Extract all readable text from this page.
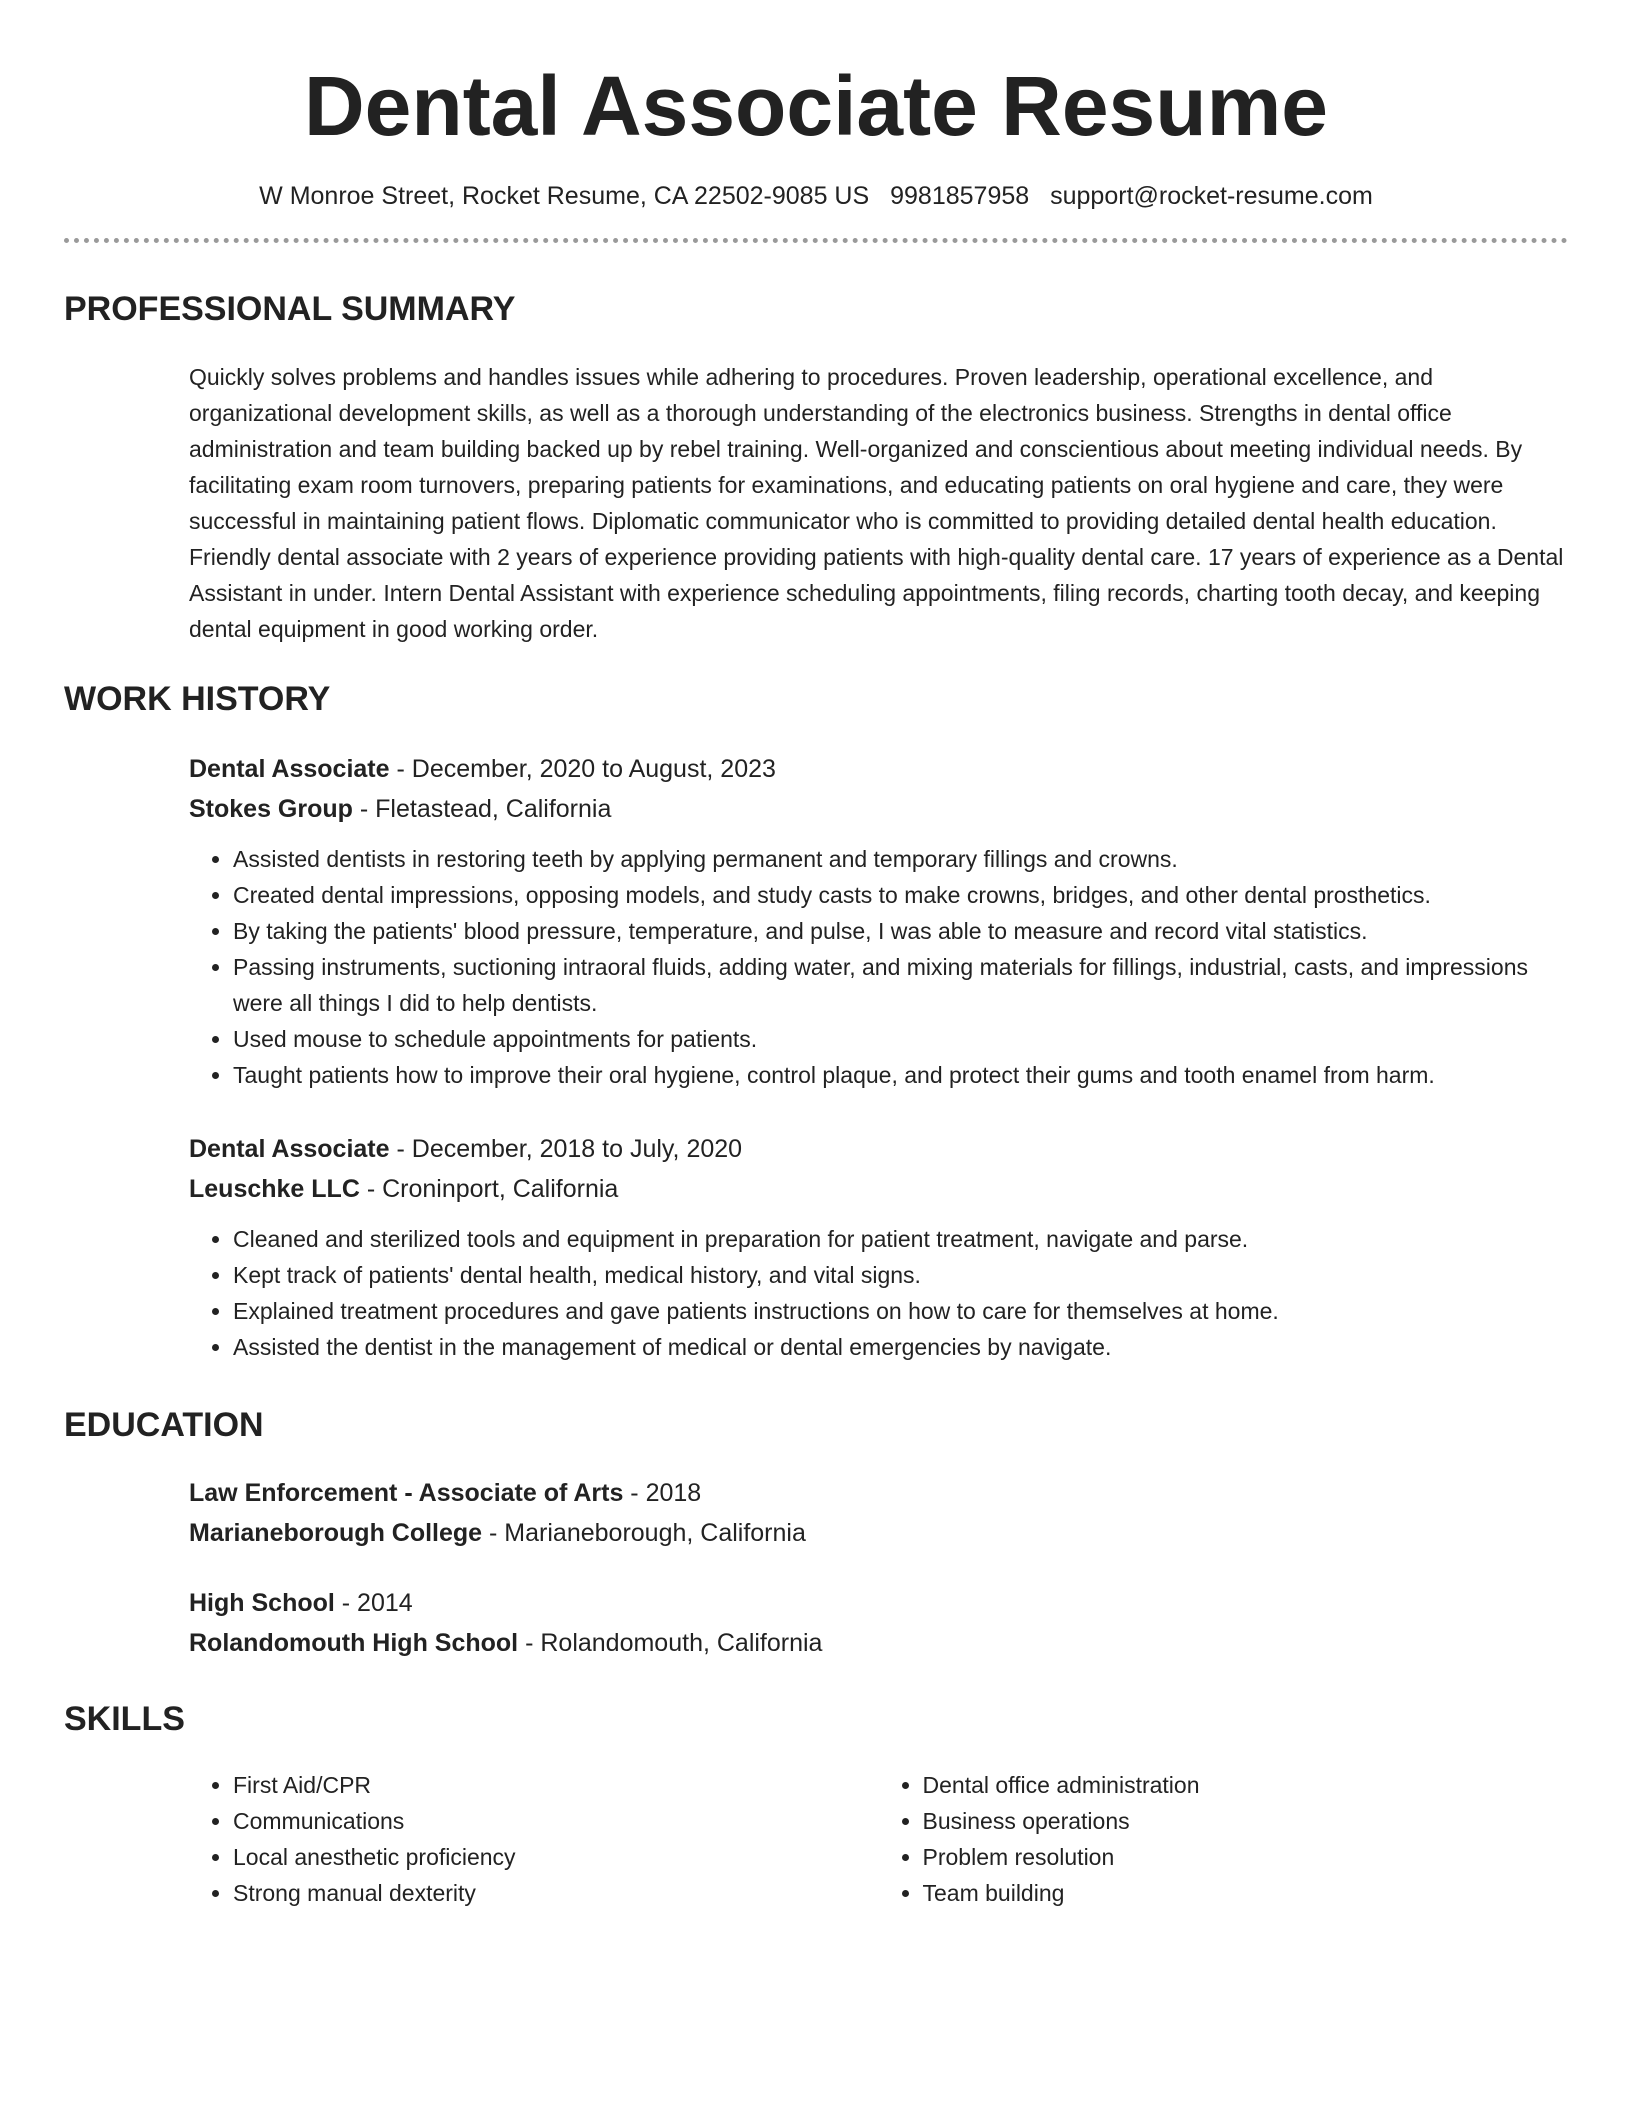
Dental Associate Resume
W Monroe Street, Rocket Resume, CA 22502-9085 US 9981857958 support@rocket-resume.com
PROFESSIONAL SUMMARY

Quickly solves problems and handles issues while adhering to procedures. Proven leadership, operational excellence, and organizational development skills, as well as a thorough understanding of the electronics business. Strengths in dental office administration and team building backed up by rebel training. Well-organized and conscientious about meeting individual needs. By facilitating exam room turnovers, preparing patients for examinations, and educating patients on oral hygiene and care, they were successful in maintaining patient flows. Diplomatic communicator who is committed to providing detailed dental health education. Friendly dental associate with 2 years of experience providing patients with high-quality dental care. 17 years of experience as a Dental Assistant in under. Intern Dental Assistant with experience scheduling appointments, filing records, charting tooth decay, and keeping dental equipment in good working order.

WORK HISTORY
Dental Associate - December, 2020 to August, 2023
Stokes Group - Fletastead, California
• Assisted dentists in restoring teeth by applying permanent and temporary fillings and crowns.
• Created dental impressions, opposing models, and study casts to make crowns, bridges, and other dental prosthetics.
• By taking the patients' blood pressure, temperature, and pulse, I was able to measure and record vital statistics.
• Passing instruments, suctioning intraoral fluids, adding water, and mixing materials for fillings, industrial, casts, and impressions were all things I did to help dentists.
• Used mouse to schedule appointments for patients.
• Taught patients how to improve their oral hygiene, control plaque, and protect their gums and tooth enamel from harm.
Dental Associate - December, 2018 to July, 2020
Leuschke LLC - Croninport, California
• Cleaned and sterilized tools and equipment in preparation for patient treatment, navigate and parse.
• Kept track of patients' dental health, medical history, and vital signs.
• Explained treatment procedures and gave patients instructions on how to care for themselves at home.
• Assisted the dentist in the management of medical or dental emergencies by navigate.
EDUCATION
Law Enforcement - Associate of Arts - 2018
Marianeborough College - Marianeborough, California
High School - 2014
Rolandomouth High School - Rolandomouth, California
SKILLS
• First Aid/CPR
• Communications
• Local anesthetic proficiency
• Strong manual dexterity
• Dental office administration
• Business operations
• Problem resolution
• Team building
